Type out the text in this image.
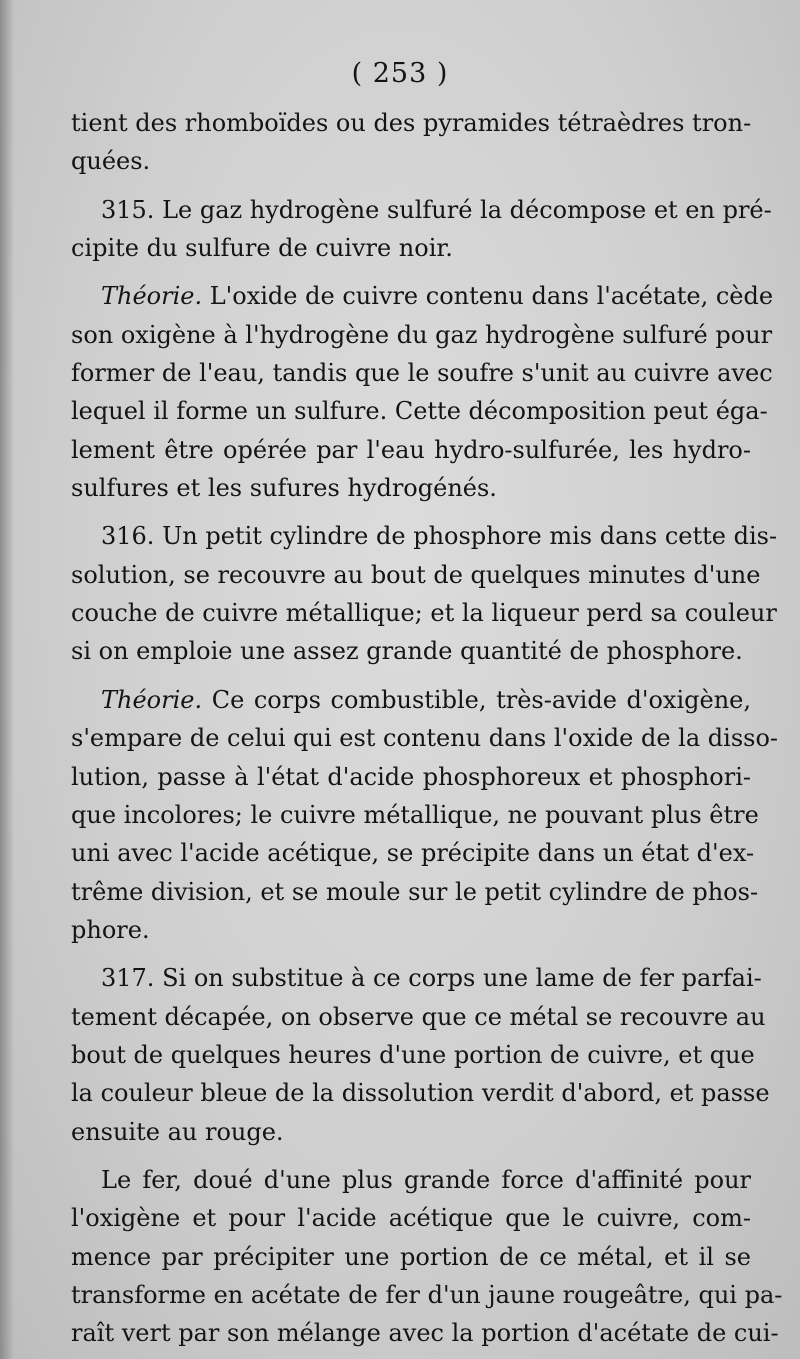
( 253 )
tient des rhomboïdes ou des pyramides tétraèdres tron-
quées.
315. Le gaz hydrogène sulfuré la décompose et en pré-
cipite du sulfure de cuivre noir.
Théorie. L'oxide de cuivre contenu dans l'acétate, cède
son oxigène à l'hydrogène du gaz hydrogène sulfuré pour
former de l'eau, tandis que le soufre s'unit au cuivre avec
lequel il forme un sulfure. Cette décomposition peut éga-
lement être opérée par l'eau hydro-sulfurée, les hydro-
sulfures et les sufures hydrogénés.
316. Un petit cylindre de phosphore mis dans cette dis-
solution, se recouvre au bout de quelques minutes d'une
couche de cuivre métallique; et la liqueur perd sa couleur
si on emploie une assez grande quantité de phosphore.
Théorie. Ce corps combustible, très-avide d'oxigène,
s'empare de celui qui est contenu dans l'oxide de la disso-
lution, passe à l'état d'acide phosphoreux et phosphori-
que incolores; le cuivre métallique, ne pouvant plus être
uni avec l'acide acétique, se précipite dans un état d'ex-
trême division, et se moule sur le petit cylindre de phos-
phore.
317. Si on substitue à ce corps une lame de fer parfai-
tement décapée, on observe que ce métal se recouvre au
bout de quelques heures d'une portion de cuivre, et que
la couleur bleue de la dissolution verdit d'abord, et passe
ensuite au rouge.
Le fer, doué d'une plus grande force d'affinité pour
l'oxigène et pour l'acide acétique que le cuivre, com-
mence par précipiter une portion de ce métal, et il se
transforme en acétate de fer d'un jaune rougeâtre, qui pa-
raît vert par son mélange avec la portion d'acétate de cui-
